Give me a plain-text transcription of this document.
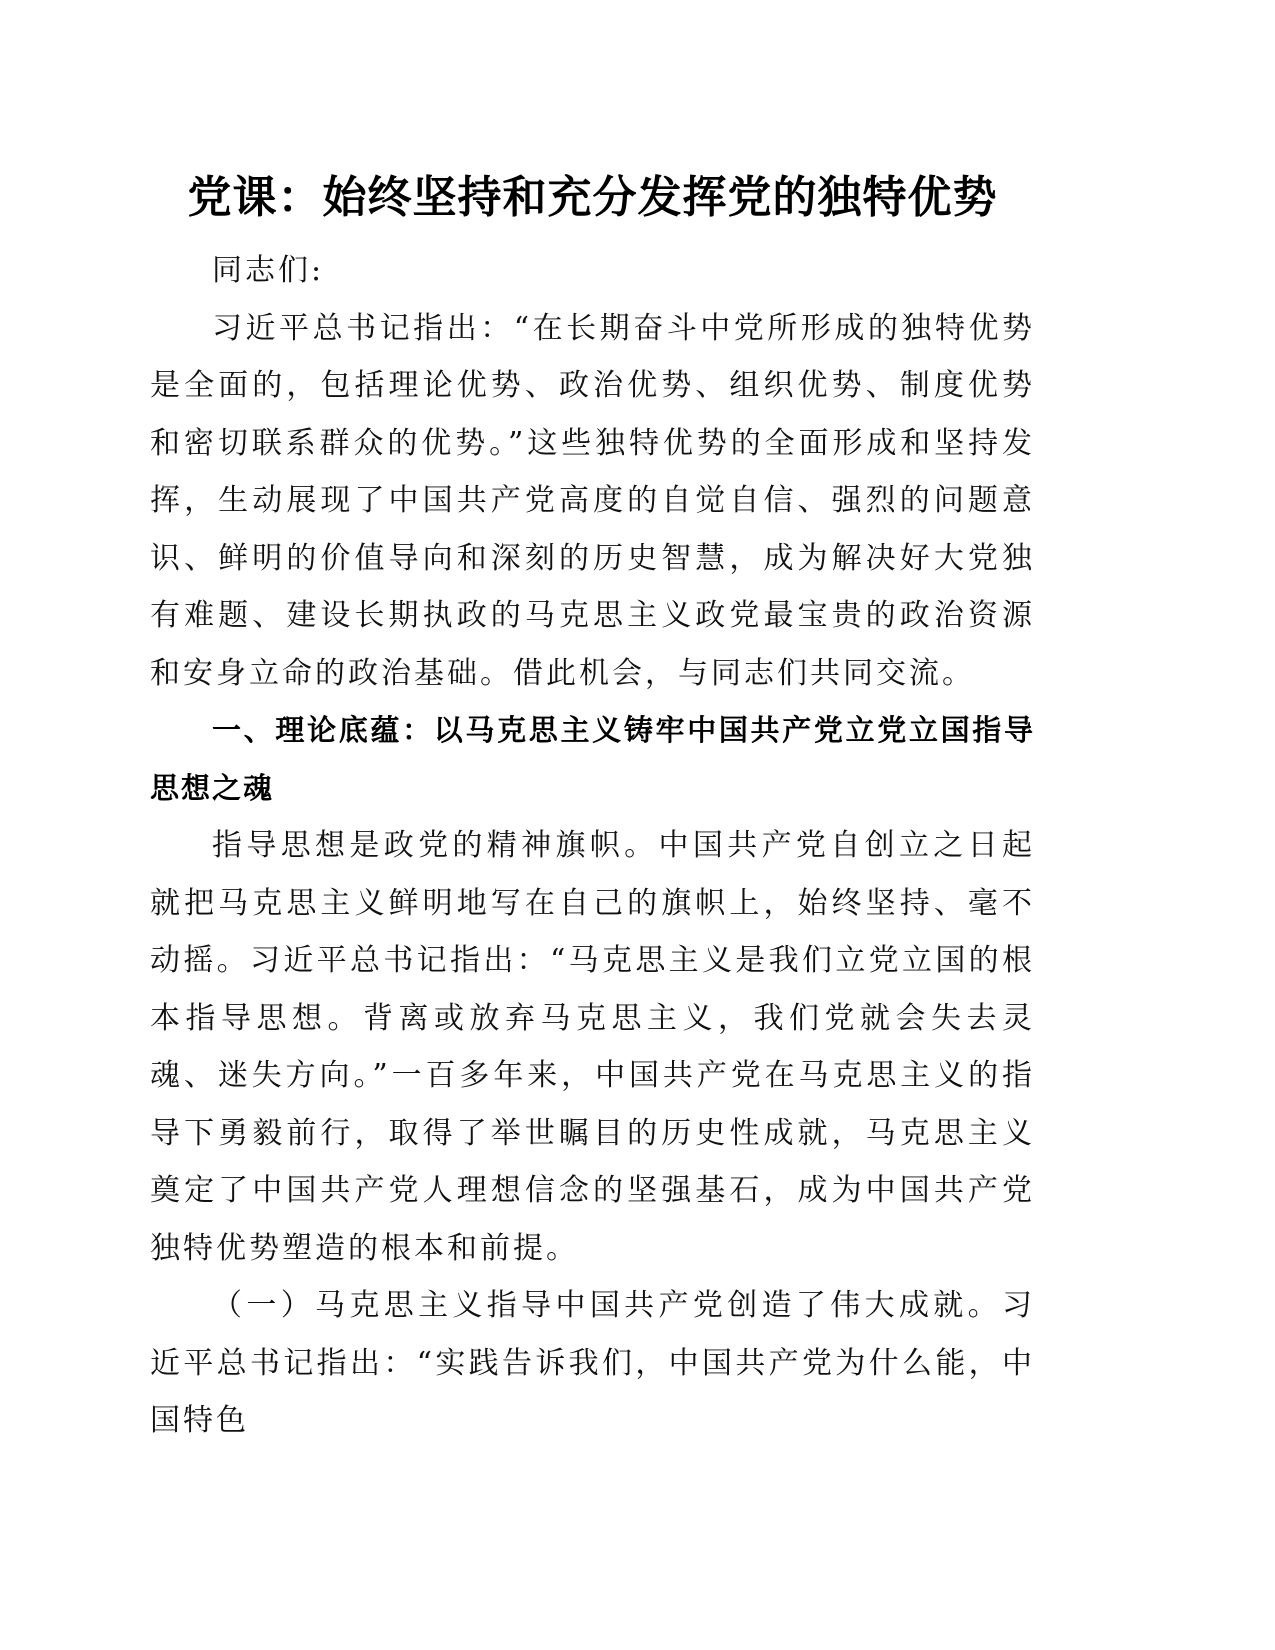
党课：始终坚持和充分发挥党的独特优势

同志们:

习近平总书记指出：“在长期奋斗中党所形成的独特优势是全面的，包括理论优势、政治优势、组织优势、制度优势和密切联系群众的优势。”这些独特优势的全面形成和坚持发挥，生动展现了中国共产党高度的自觉自信、强烈的问题意识、鲜明的价值导向和深刻的历史智慧，成为解决好大党独有难题、建设长期执政的马克思主义政党最宝贵的政治资源和安身立命的政治基础。借此机会，与同志们共同交流。

一、理论底蕴：以马克思主义铸牢中国共产党立党立国指导思想之魂

指导思想是政党的精神旗帜。中国共产党自创立之日起就把马克思主义鲜明地写在自己的旗帜上，始终坚持、毫不动摇。习近平总书记指出：“马克思主义是我们立党立国的根本指导思想。背离或放弃马克思主义，我们党就会失去灵魂、迷失方向。”一百多年来，中国共产党在马克思主义的指导下勇毅前行，取得了举世瞩目的历史性成就，马克思主义奠定了中国共产党人理想信念的坚强基石，成为中国共产党独特优势塑造的根本和前提。

（一）马克思主义指导中国共产党创造了伟大成就。习近平总书记指出：“实践告诉我们，中国共产党为什么能，中国特色
